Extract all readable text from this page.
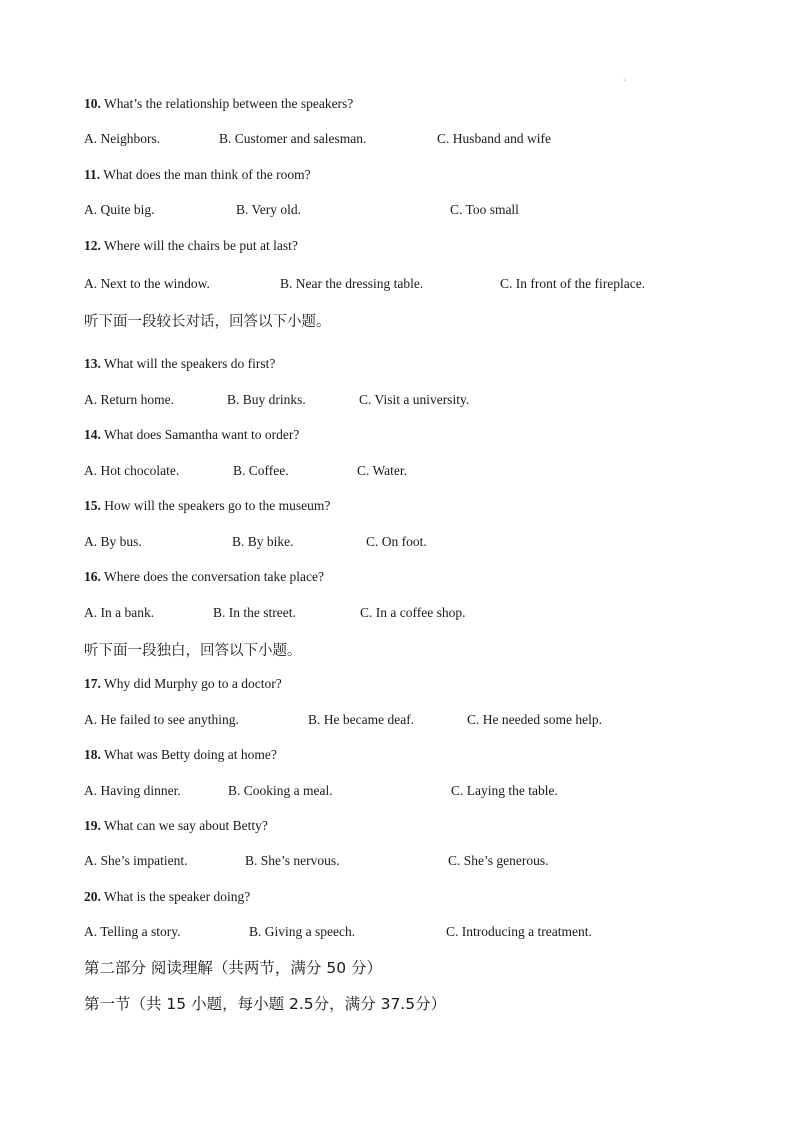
、
10. What’s the relationship between the speakers?
A. Neighbors.	B. Customer and salesman.	C. Husband and wife
11. What does the man think of the room?
A. Quite big.	B. Very old.	C. Too small
12. Where will the chairs be put at last?
A. Next to the window.	B. Near the dressing table.	C. In front of the fireplace.
听下面一段较长对话，回答以下小题。
13. What will the speakers do first?
A. Return home.	B. Buy drinks.	C. Visit a university.
14. What does Samantha want to order?
A. Hot chocolate.	B. Coffee.	C. Water.
15. How will the speakers go to the museum?
A. By bus.	B. By bike.	C. On foot.
16. Where does the conversation take place?
A. In a bank.	B. In the street.	C. In a coffee shop.
听下面一段独白，回答以下小题。
17. Why did Murphy go to a doctor?
A. He failed to see anything.	B. He became deaf.	C. He needed some help.
18. What was Betty doing at home?
A. Having dinner.	B. Cooking a meal.	C. Laying the table.
19. What can we say about Betty?
A. She’s impatient.	B. She’s nervous.	C. She’s generous.
20. What is the speaker doing?
A. Telling a story.	B. Giving a speech.	C. Introducing a treatment.
第二部分 阅读理解（共两节，满分 50 分）
第一节（共 15 小题，每小题 2.5分，满分 37.5分）
